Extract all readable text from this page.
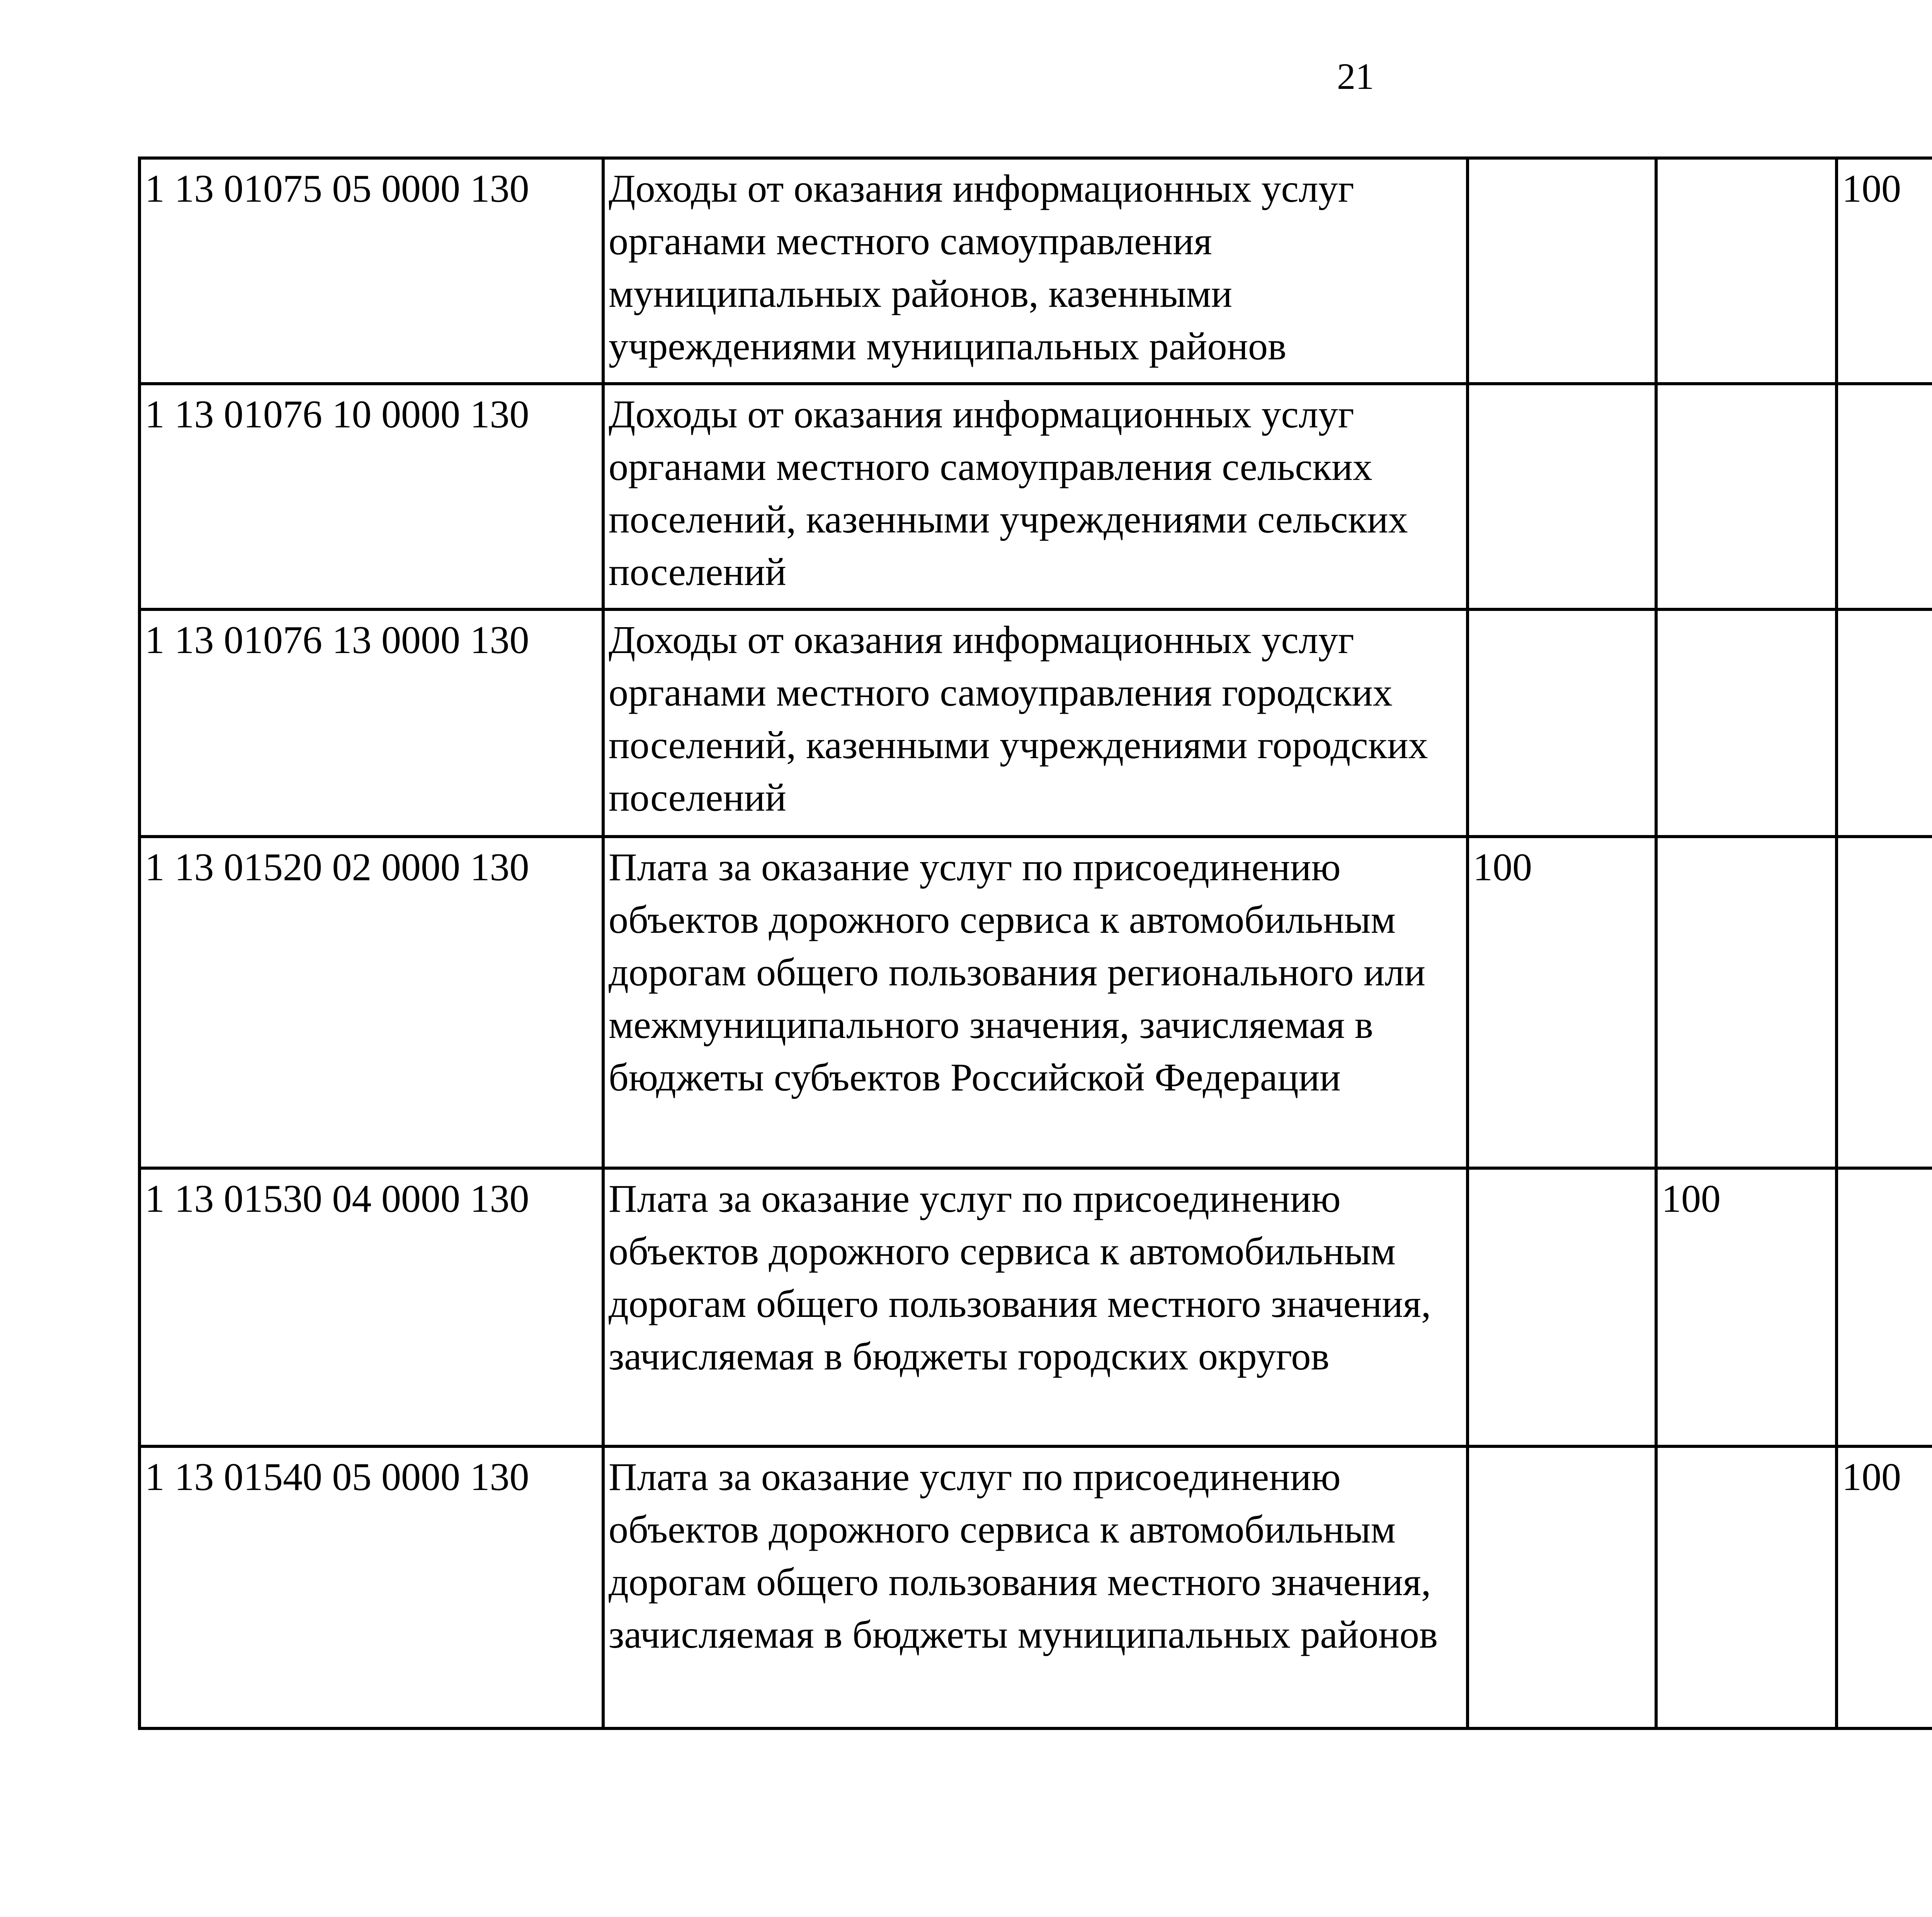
21
1 13 01075 05 0000 130	Доходы от оказания информационных услуг органами местного самоуправления муниципальных районов, казенными учреждениями муниципальных районов			100		
1 13 01076 10 0000 130	Доходы от оказания информационных услуг органами местного самоуправления сельских поселений, казенными учреждениями сельских поселений					
1 13 01076 13 0000 130	Доходы от оказания информационных услуг органами местного самоуправления городских поселений, казенными учреждениями городских поселений					
1 13 01520 02 0000 130	Плата за оказание услуг по присоединению объектов дорожного сервиса к автомобильным дорогам общего пользования регионального или межмуниципального значения, зачисляемая в бюджеты субъектов Российской Федерации	100				
1 13 01530 04 0000 130	Плата за оказание услуг по присоединению объектов дорожного сервиса к автомобильным дорогам общего пользования местного значения, зачисляемая в бюджеты городских округов		100			
1 13 01540 05 0000 130	Плата за оказание услуг по присоединению объектов дорожного сервиса к автомобильным дорогам общего пользования местного значения, зачисляемая в бюджеты муниципальных районов			100		
